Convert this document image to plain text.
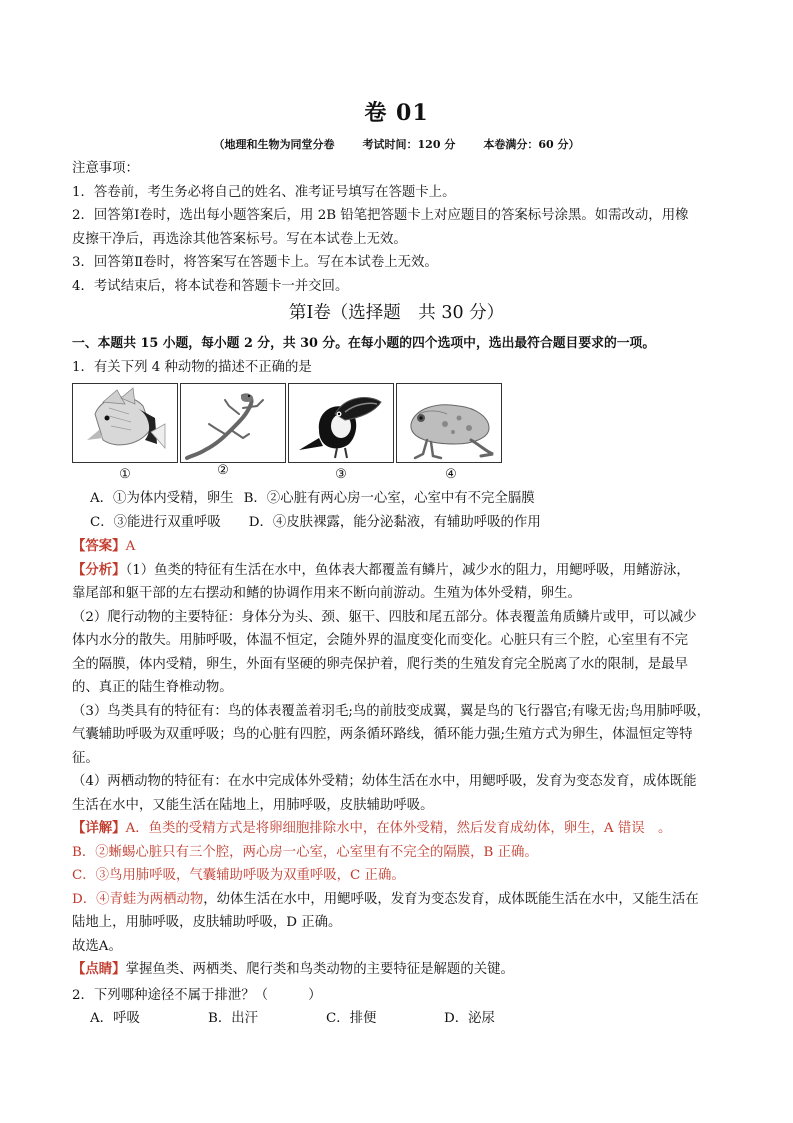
卷 01
（地理和生物为同堂分卷	考试时间：120 分	本卷满分：60 分）

注意事项：

1．答卷前，考生务必将自己的姓名、准考证号填写在答题卡上。

2．回答第Ⅰ卷时，选出每小题答案后，用 2B 铅笔把答题卡上对应题目的答案标号涂黑。如需改动，用橡

皮擦干净后，再选涂其他答案标号。写在本试卷上无效。

3．回答第Ⅱ卷时，将答案写在答题卡上。写在本试卷上无效。

4．考试结束后，将本试卷和答题卡一并交回。

第Ⅰ卷（选择题　共 30 分）

一、本题共 15 小题，每小题 2 分，共 30 分。在每小题的四个选项中，选出最符合题目要求的一项。

1．有关下列 4 种动物的描述不正确的是

①	②	③	④

A．①为体内受精，卵生 B．②心脏有两心房一心室，心室中有不完全膈膜

C．③能进行双重呼吸 D．④皮肤裸露，能分泌黏液，有辅助呼吸的作用

【答案】A

【分析】（1）鱼类的特征有生活在水中，鱼体表大都覆盖有鳞片，减少水的阻力，用鳃呼吸，用鳍游泳，

靠尾部和躯干部的左右摆动和鳍的协调作用来不断向前游动。生殖为体外受精，卵生。

（2）爬行动物的主要特征：身体分为头、颈、躯干、四肢和尾五部分。体表覆盖角质鳞片或甲，可以减少

体内水分的散失。用肺呼吸，体温不恒定，会随外界的温度变化而变化。心脏只有三个腔，心室里有不完

全的隔膜，体内受精，卵生，外面有坚硬的卵壳保护着，爬行类的生殖发育完全脱离了水的限制，是最早

的、真正的陆生脊椎动物。

（3）鸟类具有的特征有：鸟的体表覆盖着羽毛;鸟的前肢变成翼，翼是鸟的飞行器官;有喙无齿;鸟用肺呼吸，

气囊辅助呼吸为双重呼吸；鸟的心脏有四腔，两条循环路线，循环能力强;生殖方式为卵生，体温恒定等特

征。

（4）两栖动物的特征有：在水中完成体外受精；幼体生活在水中，用鳃呼吸，发育为变态发育，成体既能

生活在水中，又能生活在陆地上，用肺呼吸，皮肤辅助呼吸。

【详解】A．鱼类的受精方式是将卵细胞排除水中，在体外受精，然后发育成幼体，卵生，A 错误　。

B．②蜥蜴心脏只有三个腔，两心房一心室，心室里有不完全的隔膜，B 正确。

C．③鸟用肺呼吸，气囊辅助呼吸为双重呼吸，C 正确。

D．④青蛙为两栖动物，幼体生活在水中，用鳃呼吸，发育为变态发育，成体既能生活在水中，又能生活在

陆地上，用肺呼吸，皮肤辅助呼吸，D 正确。

故选A。

【点睛】掌握鱼类、两栖类、爬行类和鸟类动物的主要特征是解题的关键。

2．下列哪种途径不属于排泄？（　　　）

A．呼吸	B．出汗	C．排便	D．泌尿
